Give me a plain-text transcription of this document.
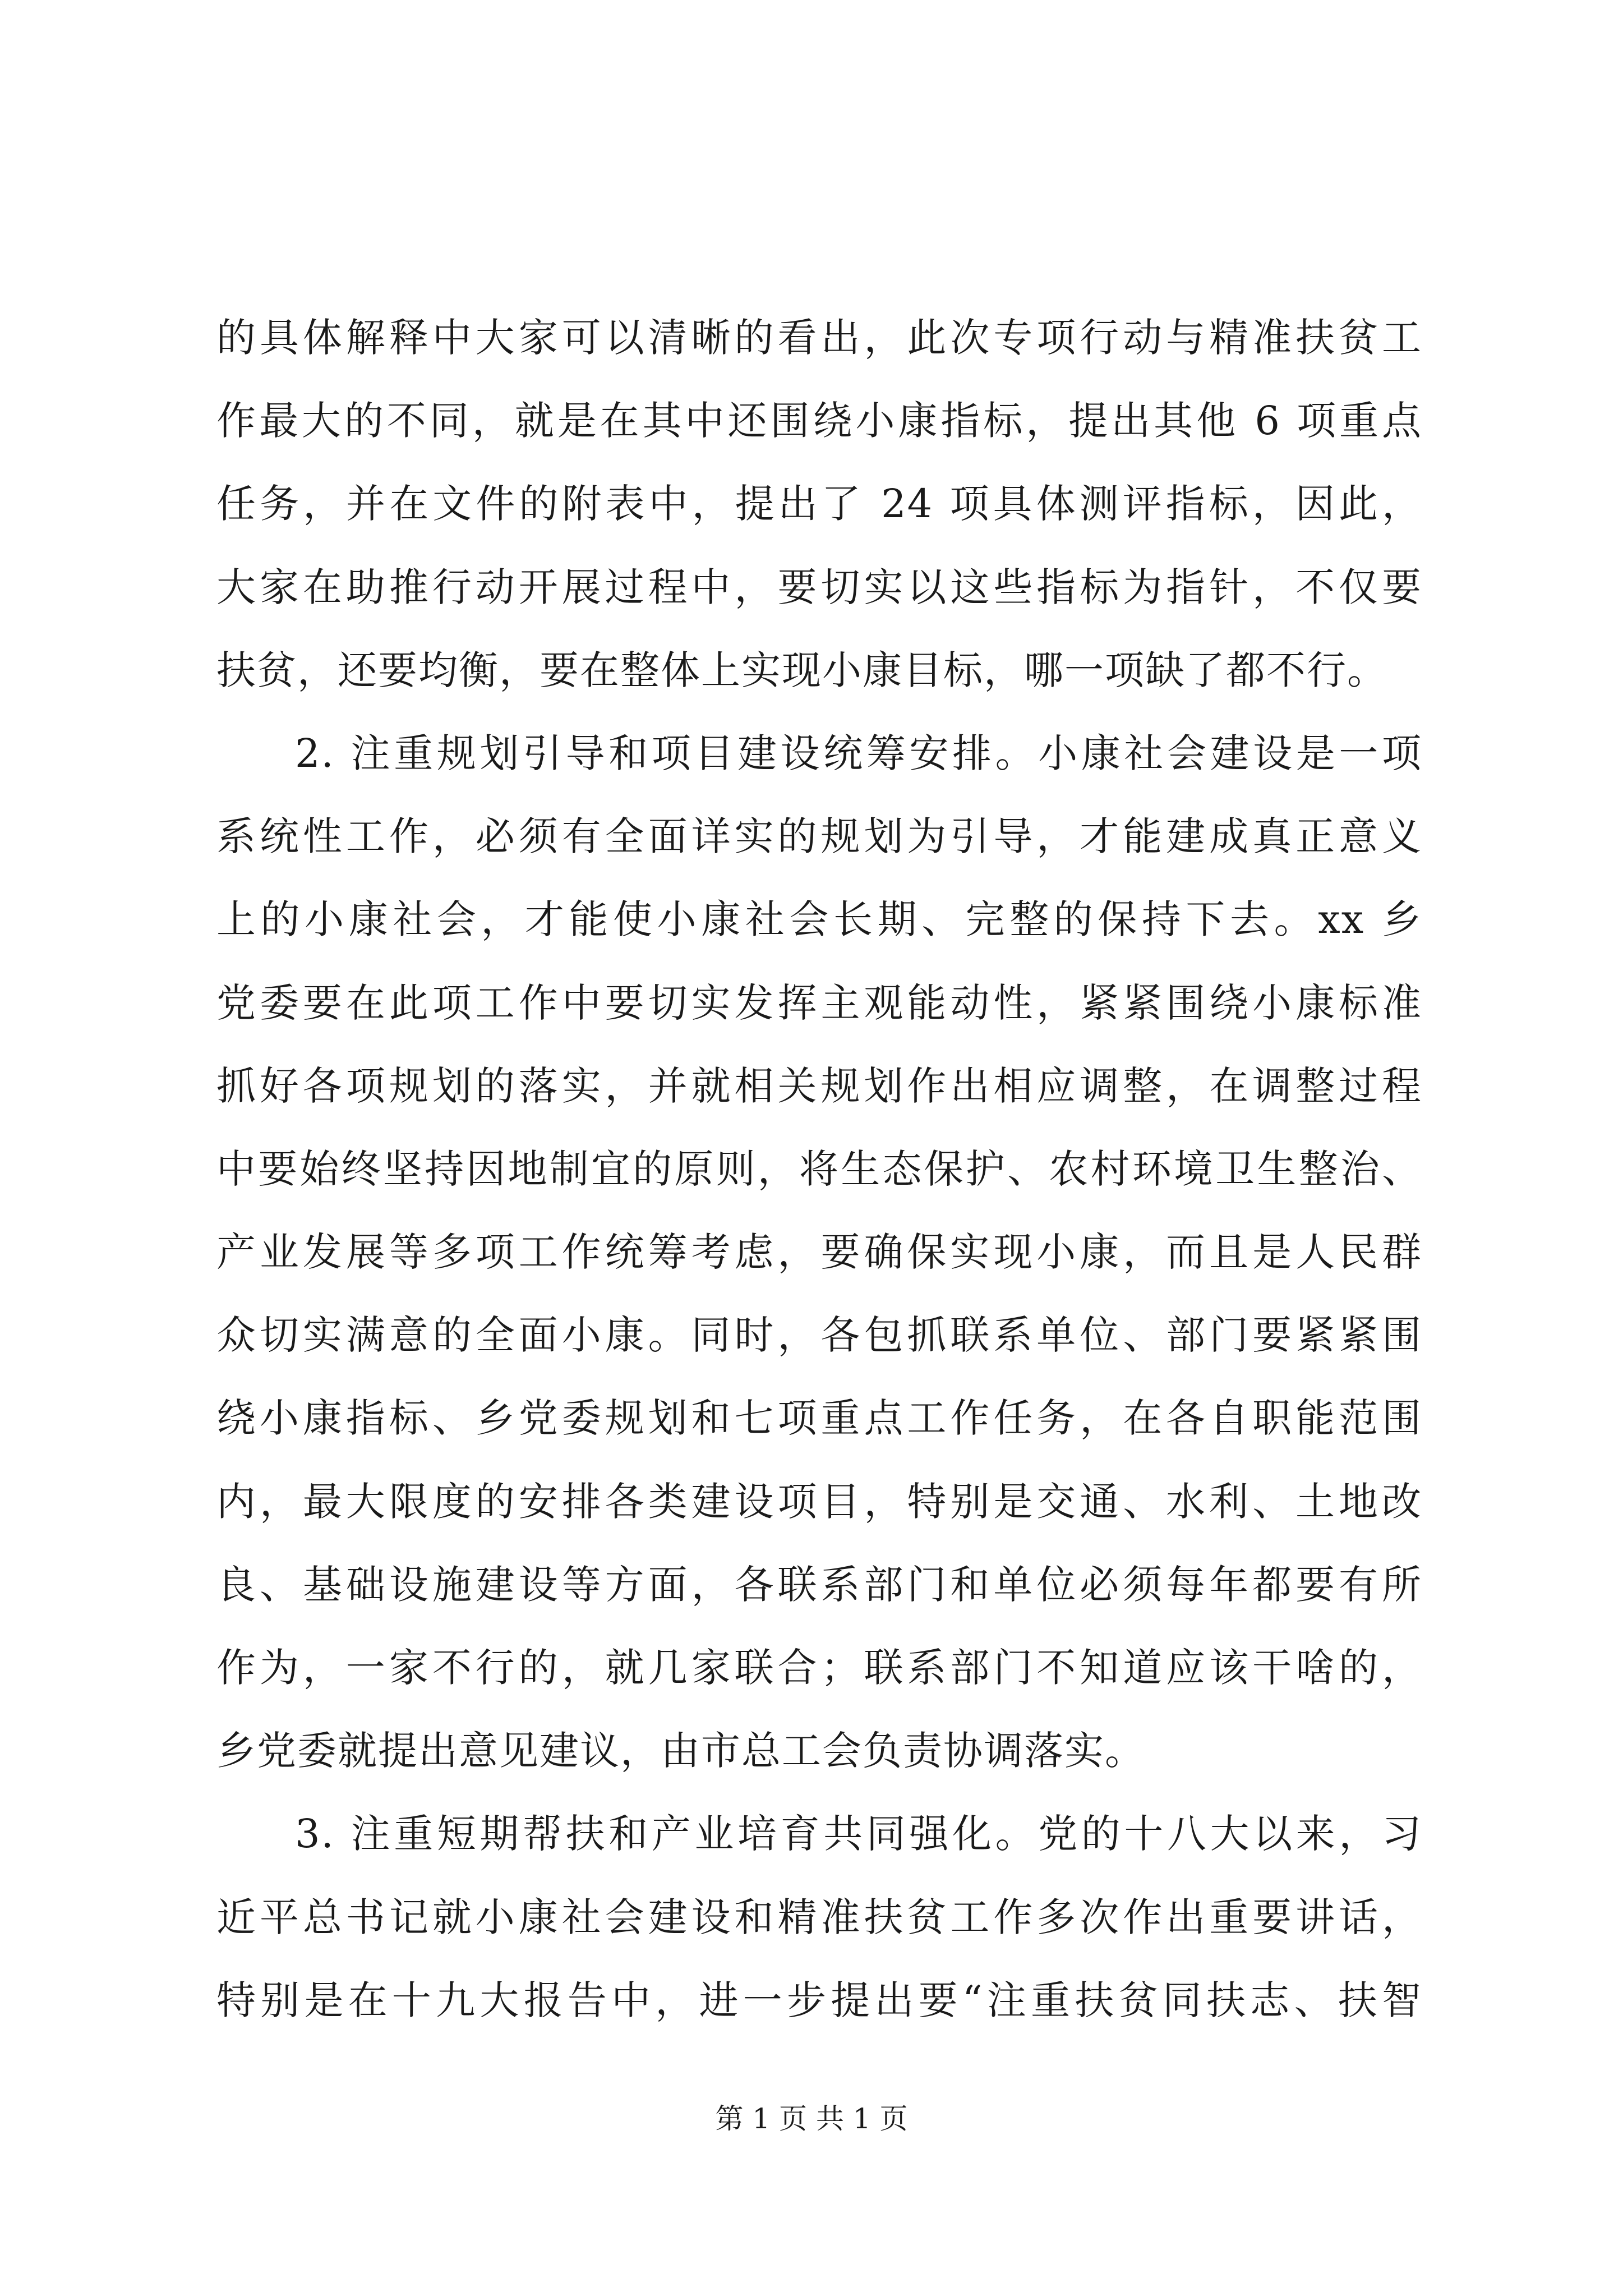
的具体解释中大家可以清晰的看出，此次专项行动与精准扶贫工
作最大的不同，就是在其中还围绕小康指标，提出其他 6 项重点
任务，并在文件的附表中，提出了 24 项具体测评指标，因此，
大家在助推行动开展过程中，要切实以这些指标为指针，不仅要
扶贫，还要均衡，要在整体上实现小康目标，哪一项缺了都不行。
2. 注重规划引导和项目建设统筹安排。小康社会建设是一项
系统性工作，必须有全面详实的规划为引导，才能建成真正意义
上的小康社会，才能使小康社会长期、完整的保持下去。xx 乡
党委要在此项工作中要切实发挥主观能动性，紧紧围绕小康标准
抓好各项规划的落实，并就相关规划作出相应调整，在调整过程
中要始终坚持因地制宜的原则，将生态保护、农村环境卫生整治、
产业发展等多项工作统筹考虑，要确保实现小康，而且是人民群
众切实满意的全面小康。同时，各包抓联系单位、部门要紧紧围
绕小康指标、乡党委规划和七项重点工作任务，在各自职能范围
内，最大限度的安排各类建设项目，特别是交通、水利、土地改
良、基础设施建设等方面，各联系部门和单位必须每年都要有所
作为，一家不行的，就几家联合；联系部门不知道应该干啥的，
乡党委就提出意见建议，由市总工会负责协调落实。
3. 注重短期帮扶和产业培育共同强化。党的十八大以来，习
近平总书记就小康社会建设和精准扶贫工作多次作出重要讲话，
特别是在十九大报告中，进一步提出要“注重扶贫同扶志、扶智
第 1 页 共 1 页
